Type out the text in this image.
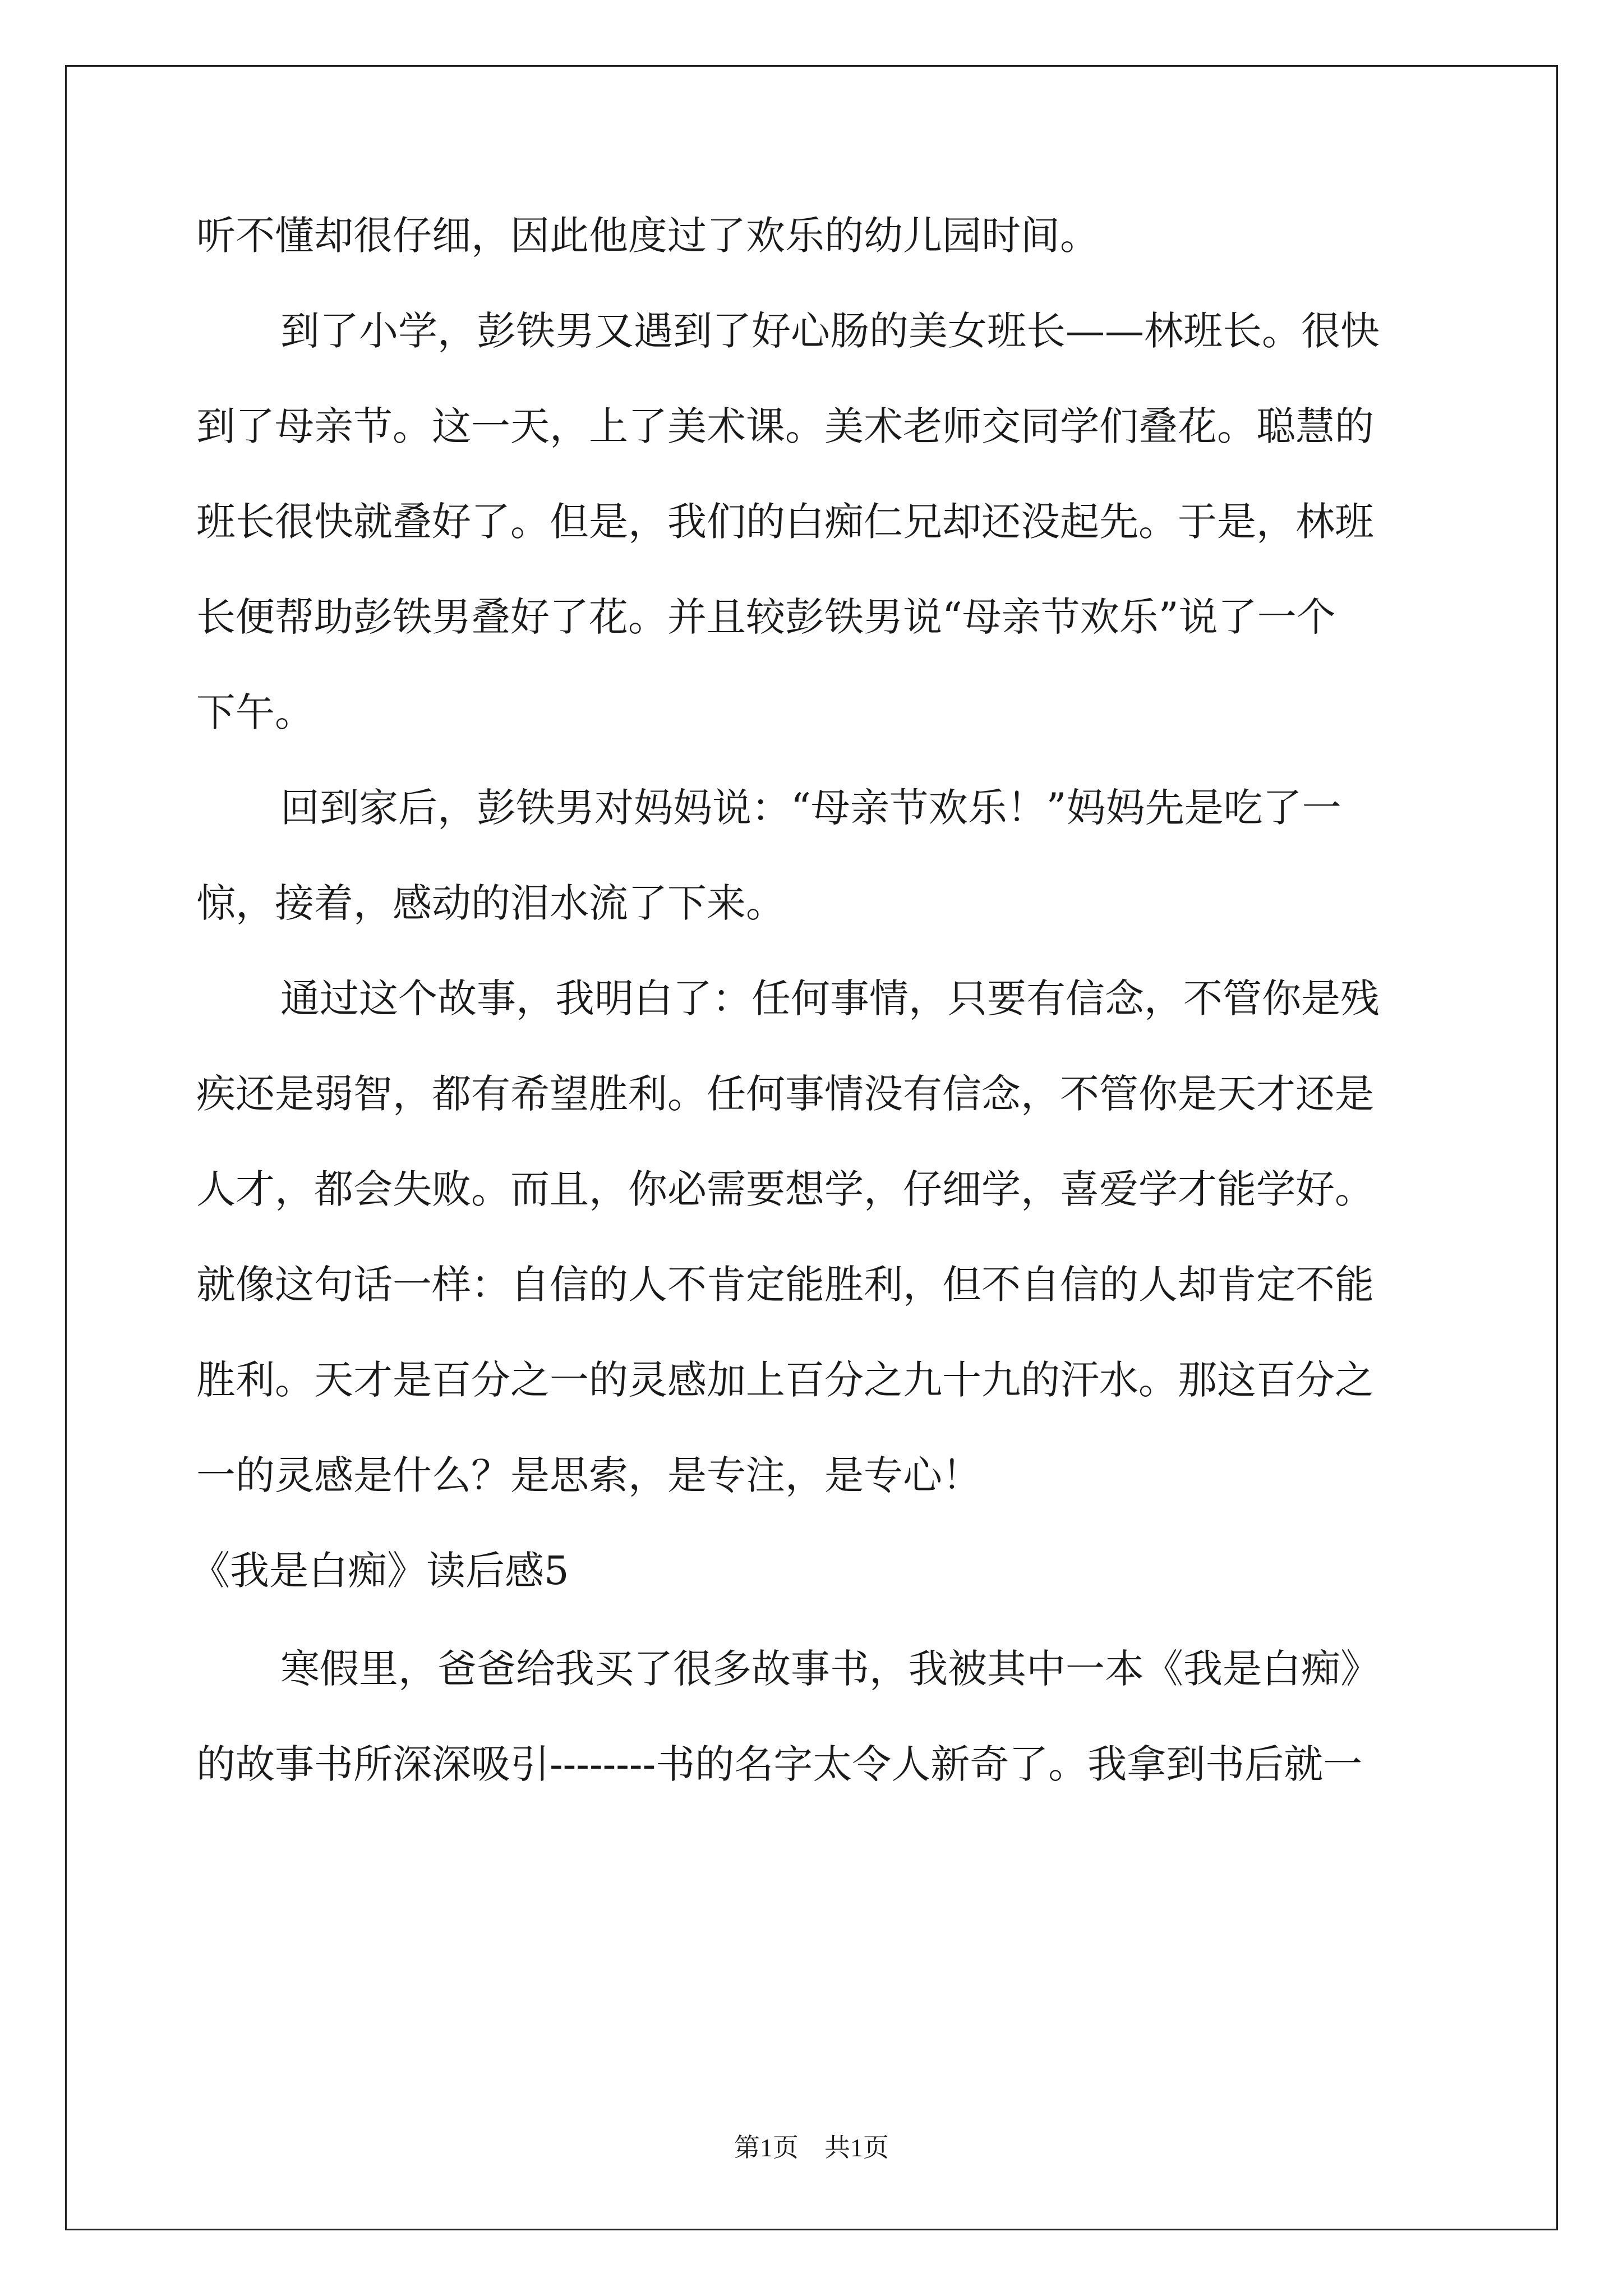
听不懂却很仔细，因此他度过了欢乐的幼儿园时间。
到了小学，彭铁男又遇到了好心肠的美女班长——林班长。很快
到了母亲节。这一天，上了美术课。美术老师交同学们叠花。聪慧的
班长很快就叠好了。但是，我们的白痴仁兄却还没起先。于是，林班
长便帮助彭铁男叠好了花。并且较彭铁男说“母亲节欢乐”说了一个
下午。
回到家后，彭铁男对妈妈说：“母亲节欢乐！”妈妈先是吃了一
惊，接着，感动的泪水流了下来。
通过这个故事，我明白了：任何事情，只要有信念，不管你是残
疾还是弱智，都有希望胜利。任何事情没有信念，不管你是天才还是
人才，都会失败。而且，你必需要想学，仔细学，喜爱学才能学好。
就像这句话一样：自信的人不肯定能胜利，但不自信的人却肯定不能
胜利。天才是百分之一的灵感加上百分之九十九的汗水。那这百分之
一的灵感是什么？是思索，是专注，是专心！
《我是白痴》读后感5
寒假里，爸爸给我买了很多故事书，我被其中一本《我是白痴》
的故事书所深深吸引--------书的名字太令人新奇了。我拿到书后就一
第1页　共1页
